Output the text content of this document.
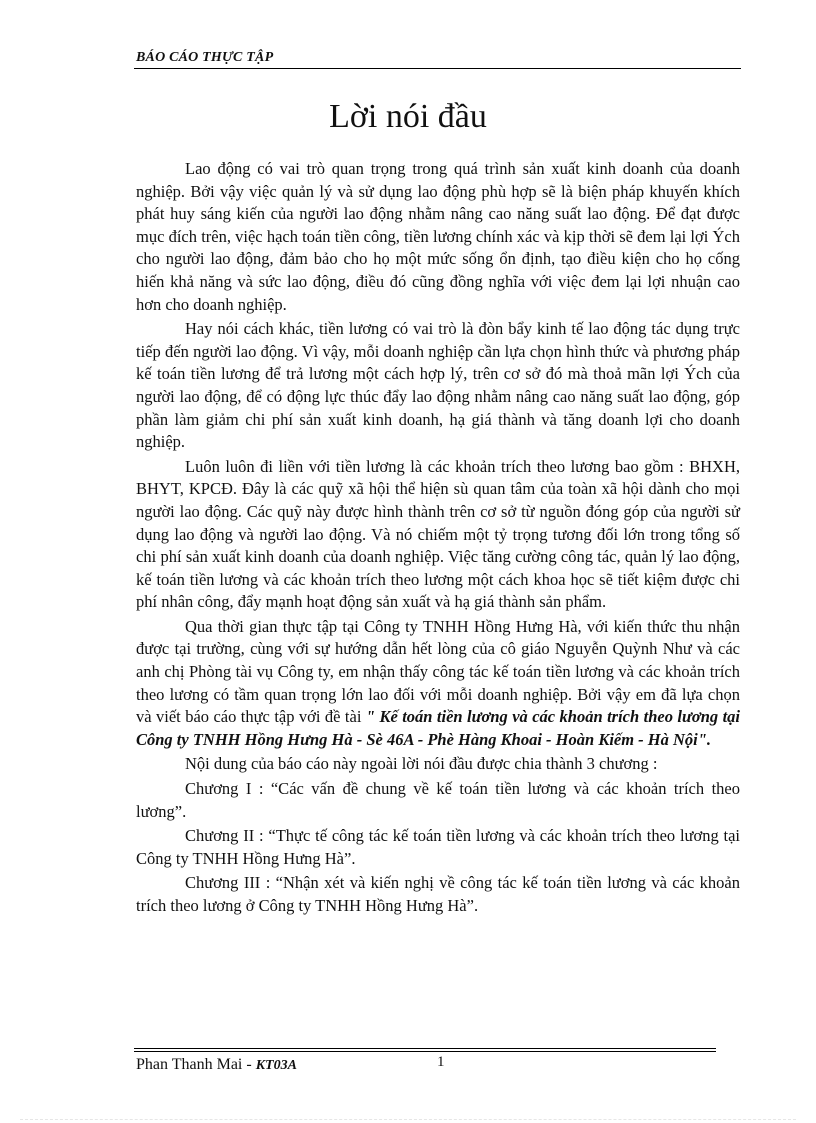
BÁO CÁO THỰC TẬP
Lời nói đầu

Lao động có vai trò quan trọng trong quá trình sản xuất kinh doanh của doanh nghiệp. Bởi vậy việc quản lý và sử dụng lao động phù hợp sẽ là biện pháp khuyến khích phát huy sáng kiến của người lao động nhằm nâng cao năng suất lao động. Để đạt được mục đích trên, việc hạch toán tiền công, tiền lương chính xác và kịp thời sẽ đem lại lợi Ých cho người lao động, đảm bảo cho họ một mức sống ổn định, tạo điều kiện cho họ cống hiến khả năng và sức lao động, điều đó cũng đồng nghĩa với việc đem lại lợi nhuận cao hơn cho doanh nghiệp.

Hay nói cách khác, tiền lương có vai trò là đòn bẩy kinh tế lao động tác dụng trực tiếp đến người lao động. Vì vậy, mỗi doanh nghiệp cần lựa chọn hình thức và phương pháp kế toán tiền lương để trả lương một cách hợp lý, trên cơ sở đó mà thoả mãn lợi Ých của người lao động, để có động lực thúc đẩy lao động nhằm nâng cao năng suất lao động, góp phần làm giảm chi phí sản xuất kinh doanh, hạ giá thành và tăng doanh lợi cho doanh nghiệp.

Luôn luôn đi liền với tiền lương là các khoản trích theo lương bao gồm : BHXH, BHYT, KPCĐ. Đây là các quỹ xã hội thể hiện sù quan tâm của toàn xã hội dành cho mọi người lao động. Các quỹ này được hình thành trên cơ sở từ nguồn đóng góp của người sử dụng lao động và người lao động. Và nó chiếm một tỷ trọng tương đối lớn trong tổng số chi phí sản xuất kinh doanh của doanh nghiệp. Việc tăng cường công tác, quản lý lao động, kế toán tiền lương và các khoản trích theo lương một cách khoa học sẽ tiết kiệm được chi phí nhân công, đẩy mạnh hoạt động sản xuất và hạ giá thành sản phẩm.

Qua thời gian thực tập tại Công ty TNHH Hồng Hưng Hà, với kiến thức thu nhận được tại trường, cùng với sự hướng dẫn hết lòng của cô giáo Nguyễn Quỳnh Như và các anh chị Phòng tài vụ Công ty, em nhận thấy công tác kế toán tiền lương và các khoản trích theo lương có tầm quan trọng lớn lao đối với mỗi doanh nghiệp. Bởi vậy em đã lựa chọn và viết báo cáo thực tập với đề tài " Kế toán tiền lương và các khoản trích theo lương tại Công ty TNHH Hồng Hưng Hà - Sè 46A - Phè Hàng Khoai - Hoàn Kiếm - Hà Nội".

Nội dung của báo cáo này ngoài lời nói đầu được chia thành 3 chương :

Chương I : “Các vấn đề chung về kế toán tiền lương và các khoản trích theo lương”.

Chương II : “Thực tế công tác kế toán tiền lương và các khoản trích theo lương tại Công ty TNHH Hồng Hưng Hà”.

Chương III : “Nhận xét và kiến nghị về công tác kế toán tiền lương và các khoản trích theo lương ở Công ty TNHH Hồng Hưng Hà”.

Phan Thanh Mai - KT03A	1
